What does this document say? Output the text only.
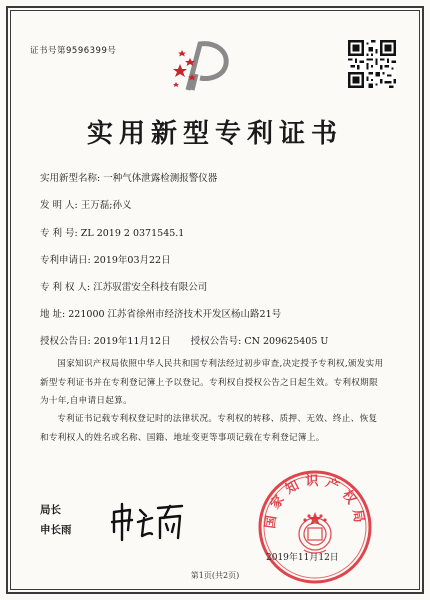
证书号第9596399号
实用新型专利证书
实用新型名称: 一种气体泄露检测报警仪器
发 明 人: 王万磊;孙义
专 利 号: ZL 2019 2 0371545.1
专利申请日: 2019年03月22日
专 利 权 人: 江苏驭雷安全科技有限公司
地 址: 221000 江苏省徐州市经济技术开发区杨山路21号
授权公告日: 2019年11月12日 授权公告号: CN 209625405 U
国家知识产权局依照中华人民共和国专利法经过初步审查,决定授予专利权,颁发实用新型专利证书并在专利登记簿上予以登记。专利权自授权公告之日起生效。专利权期限为十年,自申请日起算。
专利证书记载专利权登记时的法律状况。专利权的转移、质押、无效、终止、恢复和专利权人的姓名或名称、国籍、地址变更等事项记载在专利登记簿上。
局长
申长雨
国家知识产权局
2019年11月12日
第1页(共2页)
